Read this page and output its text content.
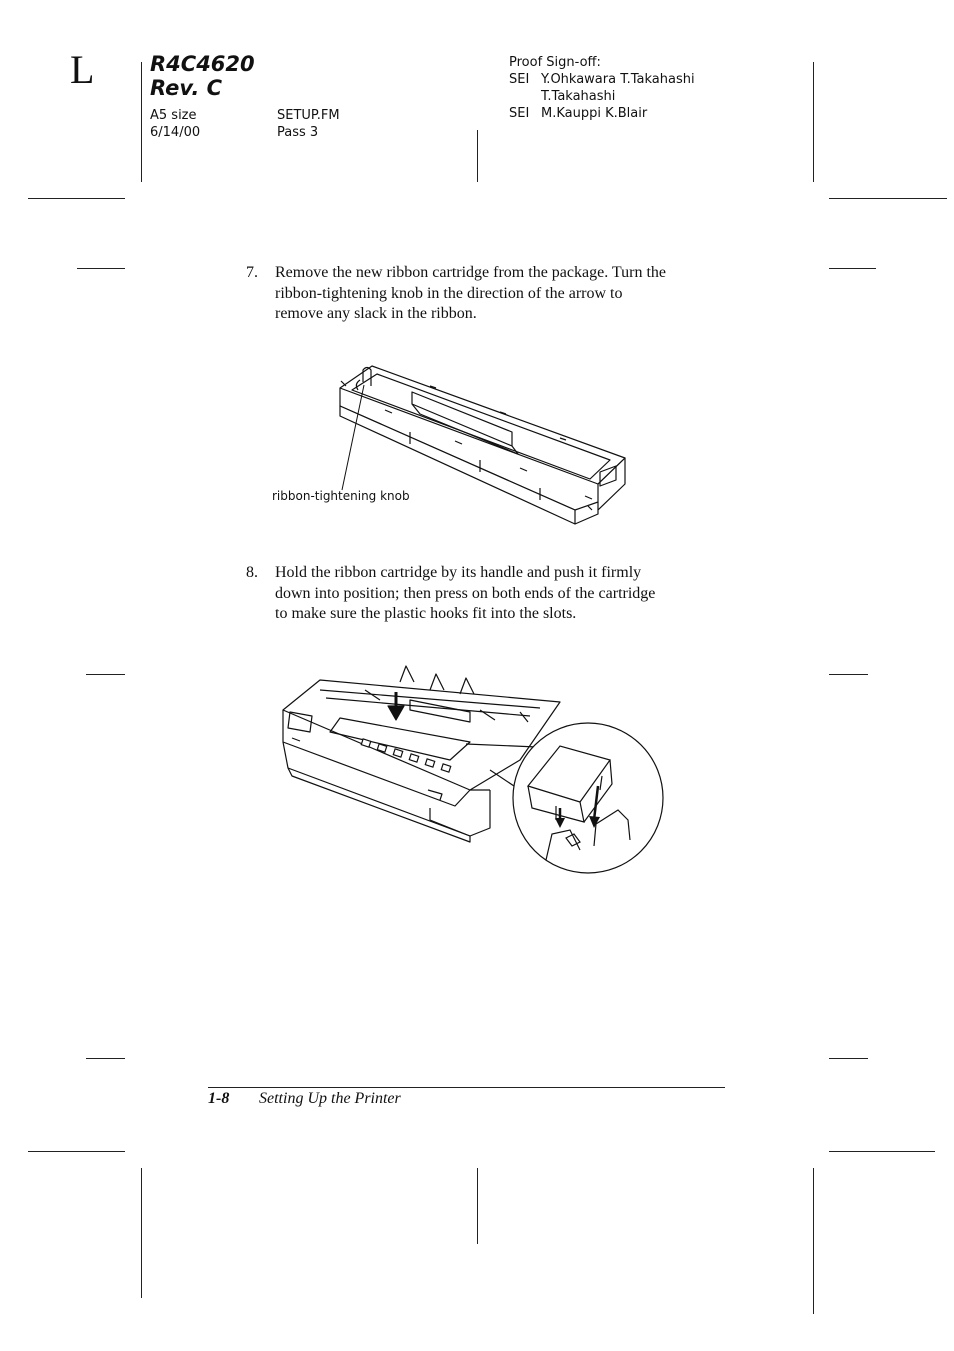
L	R4C4620
Rev. C
A5 size
6/14/00
SETUP.FM
Pass 3
Proof Sign-off:
SEI Y.Ohkawara T.Takahashi
T.Takahashi
SEI M.Kauppi K.Blair
7.	Remove the new ribbon cartridge from the package. Turn the
ribbon-tightening knob in the direction of the arrow to
remove any slack in the ribbon.
ribbon-tightening knob
8.	Hold the ribbon cartridge by its handle and push it firmly
down into position; then press on both ends of the cartridge
to make sure the plastic hooks fit into the slots.
1-8 Setting Up the Printer
